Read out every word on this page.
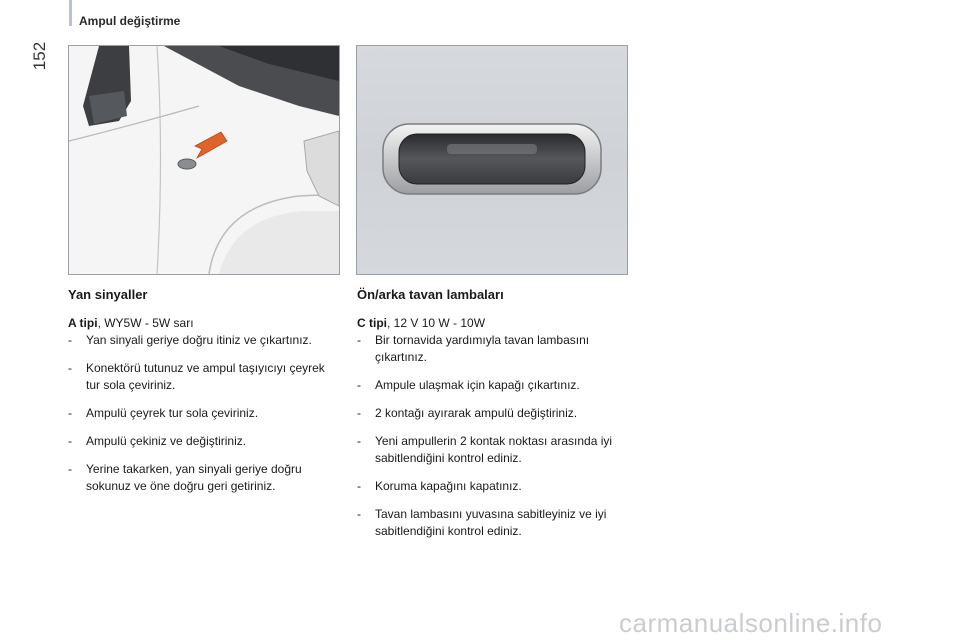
Ampul değiştirme
152
Yan sinyaller

A tipi, WY5W - 5W sarı

- Yan sinyali geriye doğru itiniz ve çıkartınız.
- Konektörü tutunuz ve ampul taşıyıcıyı çeyrek tur sola çeviriniz.
- Ampulü çeyrek tur sola çeviriniz.
- Ampulü çekiniz ve değiştiriniz.
- Yerine takarken, yan sinyali geriye doğru sokunuz ve öne doğru geri getiriniz.
Ön/arka tavan lambaları

C tipi, 12 V 10 W - 10W

- Bir tornavida yardımıyla tavan lambasını çıkartınız.
- Ampule ulaşmak için kapağı çıkartınız.
- 2 kontağı ayırarak ampulü değiştiriniz.
- Yeni ampullerin 2 kontak noktası arasında iyi sabitlendiğini kontrol ediniz.
- Koruma kapağını kapatınız.
- Tavan lambasını yuvasına sabitleyiniz ve iyi sabitlendiğini kontrol ediniz.
carmanualsonline.info
